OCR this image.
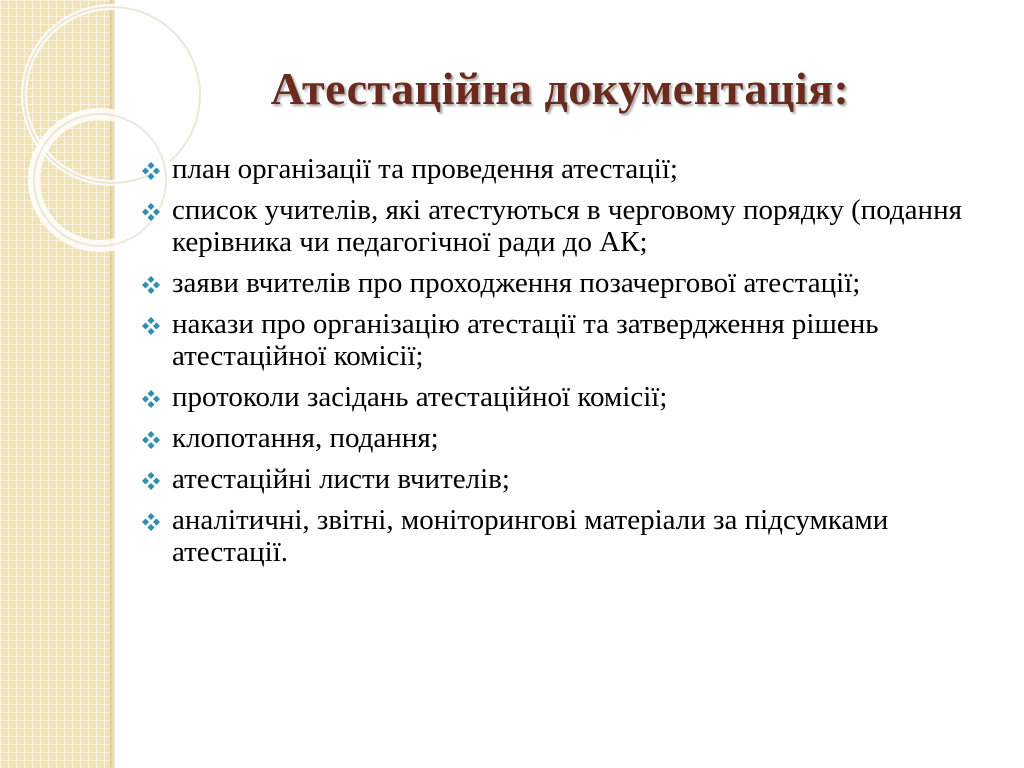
Атестаційна документація:
план організації та проведення атестації;
список учителів, які атестуються в черговому порядку (подання керівника чи педагогічної ради до АК;
заяви вчителів про проходження позачергової атестації;
накази про організацію атестації та затвердження рішень атестаційної комісії;
протоколи засідань атестаційної комісії;
клопотання, подання;
атестаційні листи вчителів;
аналітичні, звітні, моніторингові матеріали за підсумками атестації.
